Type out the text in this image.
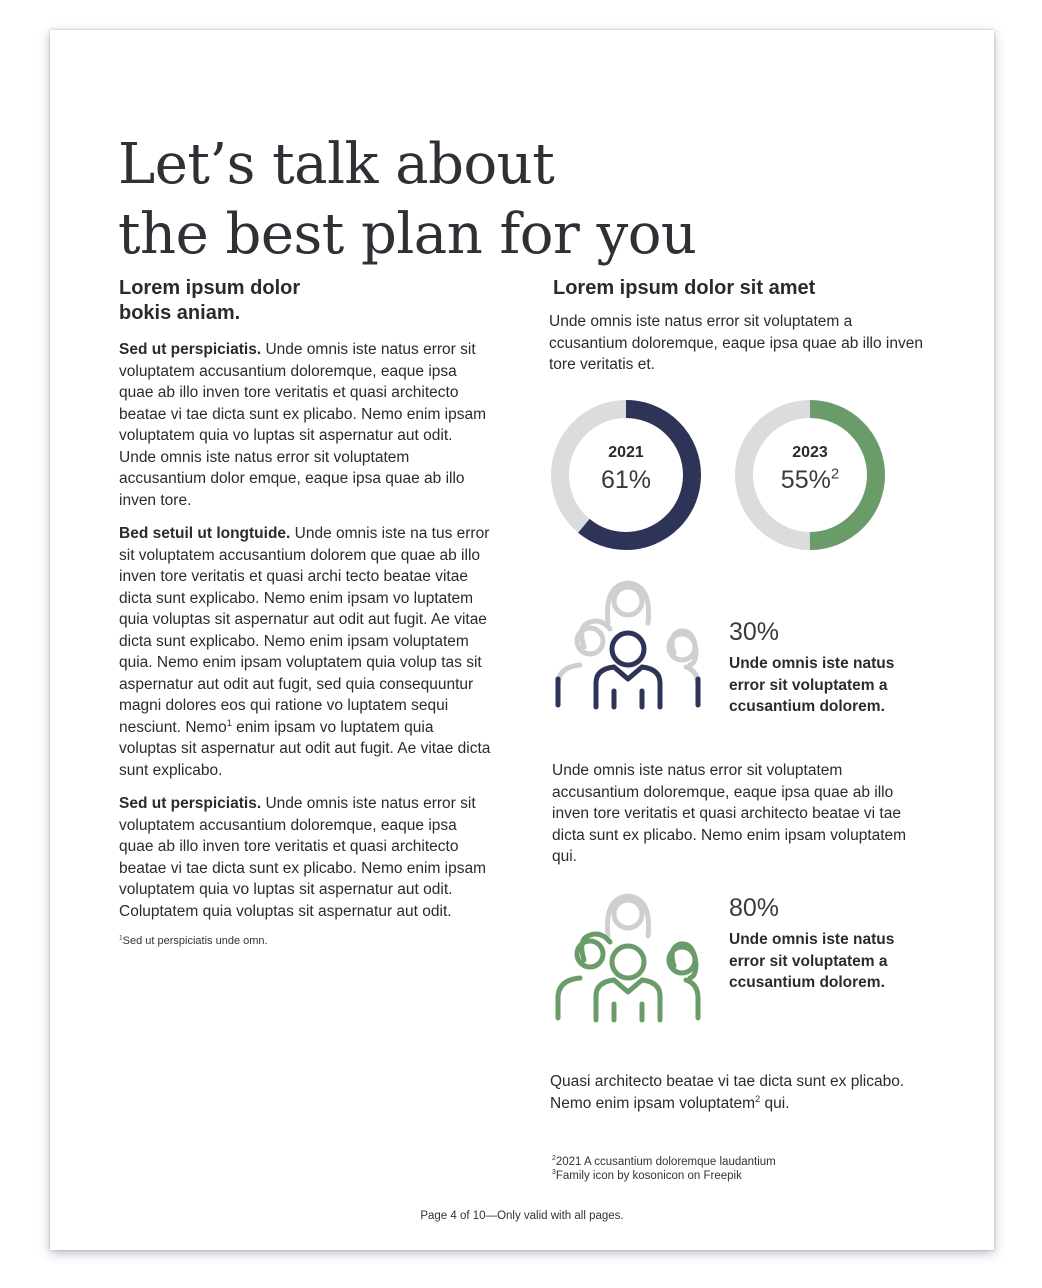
Let’s talk about
the best plan for you
Lorem ipsum dolor
bokis aniam.

Sed ut perspiciatis. Unde omnis iste natus error sit voluptatem accusantium doloremque, eaque ipsa quae ab illo inven tore veritatis et quasi architecto beatae vi tae dicta sunt ex plicabo. Nemo enim ipsam voluptatem quia vo luptas sit aspernatur aut odit. Unde omnis iste natus error sit voluptatem accusantium dolor emque, eaque ipsa quae ab illo inven tore.

Bed setuil ut longtuide. Unde omnis iste na tus error sit voluptatem accusantium dolorem que quae ab illo inven tore veritatis et quasi archi tecto beatae vitae dicta sunt explicabo. Nemo enim ipsam vo luptatem quia voluptas sit aspernatur aut odit aut fugit. Ae vitae dicta sunt explicabo. Nemo enim ipsam voluptatem quia. Nemo enim ipsam voluptatem quia volup tas sit aspernatur aut odit aut fugit, sed quia consequuntur magni dolores eos qui ratione vo luptatem sequi nesciunt. Nemo$^1$ enim ipsam vo luptatem quia voluptas sit aspernatur aut odit aut fugit. Ae vitae dicta sunt explicabo.

Sed ut perspiciatis. Unde omnis iste natus error sit voluptatem accusantium doloremque, eaque ipsa quae ab illo inven tore veritatis et quasi architecto beatae vi tae dicta sunt ex plicabo. Nemo enim ipsam voluptatem quia vo luptas sit aspernatur aut odit. Coluptatem quia voluptas sit aspernatur aut odit.

$^1$Sed ut perspiciatis unde omn.
Lorem ipsum dolor sit amet

Unde omnis iste natus error sit voluptatem a ccusantium doloremque, eaque ipsa quae ab illo inven tore veritatis et.

2021
61%
2023
55%$^2$
30%
Unde omnis iste natus error sit voluptatem a ccusantium dolorem.
Unde omnis iste natus error sit voluptatem accusantium doloremque, eaque ipsa quae ab illo inven tore veritatis et quasi architecto beatae vi tae dicta sunt ex plicabo. Nemo enim ipsam voluptatem qui.
80%
Unde omnis iste natus error sit voluptatem a ccusantium dolorem.
Quasi architecto beatae vi tae dicta sunt ex plicabo. Nemo enim ipsam voluptatem$^2$ qui.
$^2$2021 A ccusantium doloremque laudantium
$^3$Family icon by kosonicon on Freepik
Page 4 of 10—Only valid with all pages.
